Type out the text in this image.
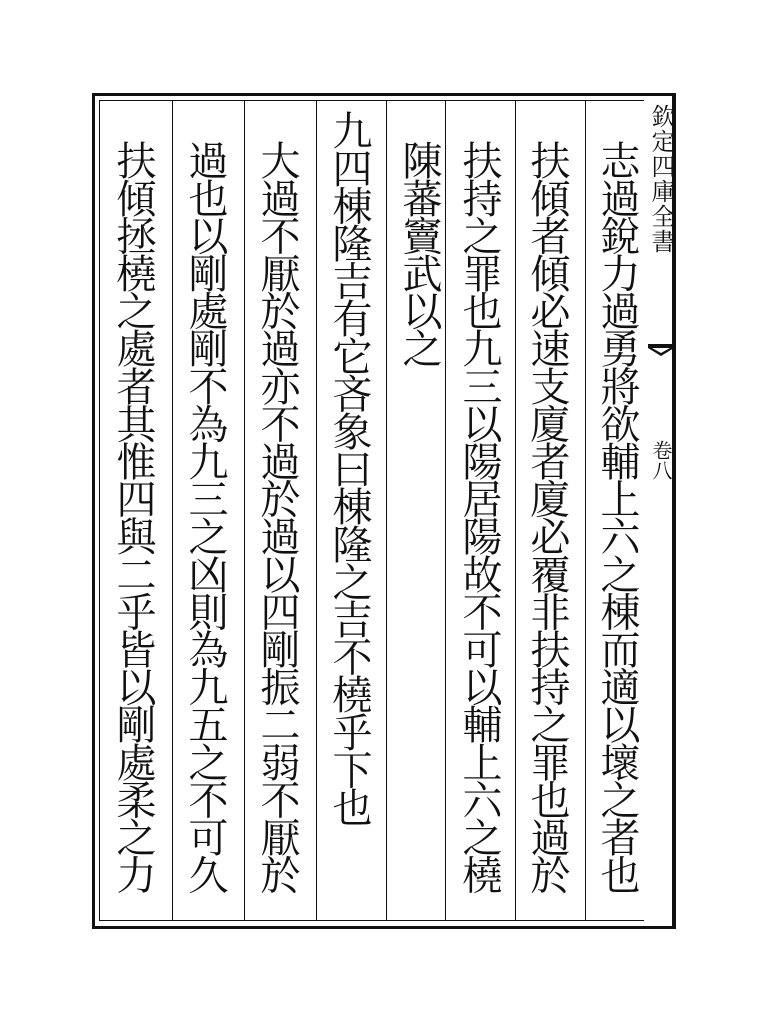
志過銳力過勇將欲輔上六之棟而適以壞之者也
扶傾者傾必速支廈者廈必覆非扶持之罪也過於
扶持之罪也九三以陽居陽故不可以輔上六之橈
陳蕃竇武以之
九四棟隆吉有它吝象曰棟隆之吉不橈乎下也
大過不厭於過亦不過於過以四剛振二弱不厭於
過也以剛處剛不為九三之凶則為九五之不可久
扶傾拯橈之處者其惟四與二乎皆以剛處柔之力	欽定四庫全書
卷八
